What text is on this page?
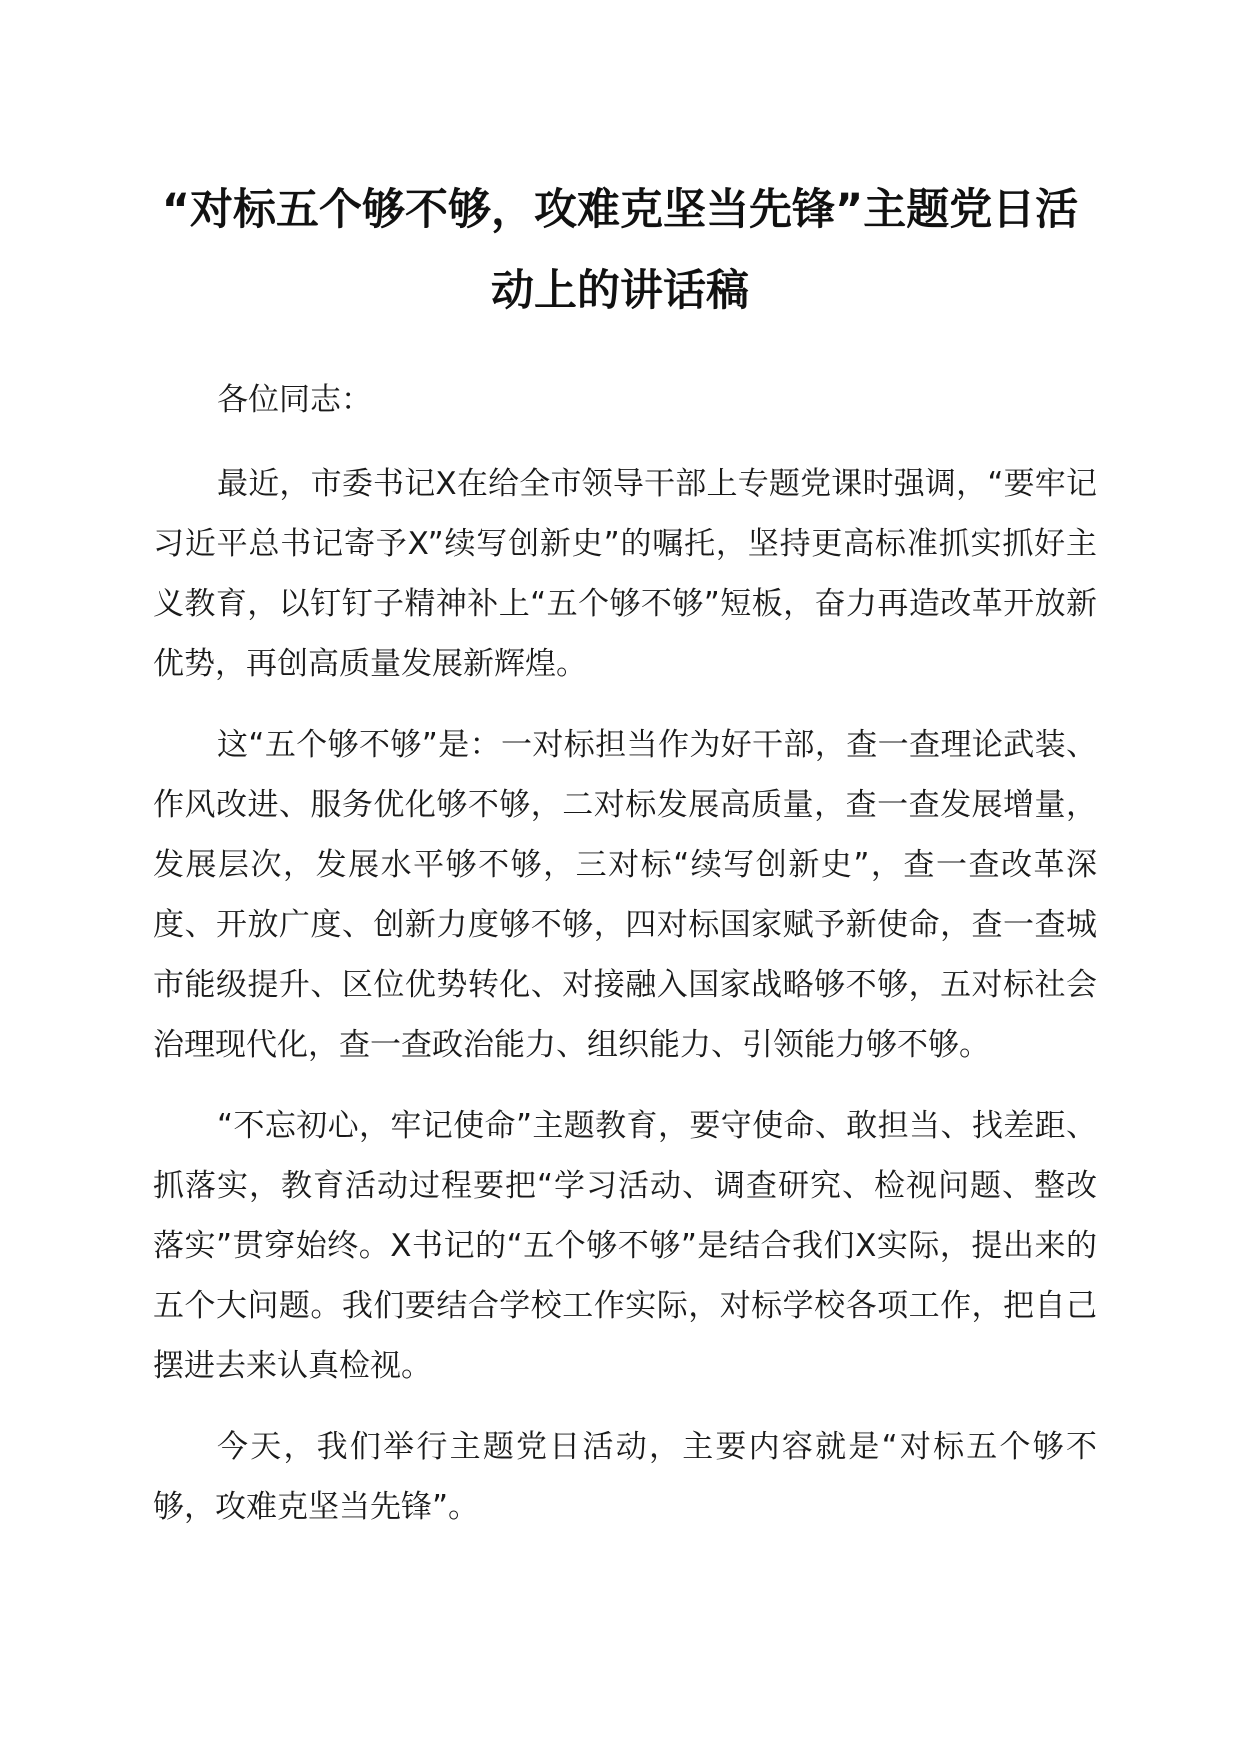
“对标五个够不够，攻难克坚当先锋”主题党日活动上的讲话稿

各位同志：

最近，市委书记X在给全市领导干部上专题党课时强调，“要牢记习近平总书记寄予X”续写创新史”的嘱托，坚持更高标准抓实抓好主义教育，以钉钉子精神补上“五个够不够”短板，奋力再造改革开放新优势，再创高质量发展新辉煌。

这“五个够不够”是：一对标担当作为好干部，查一查理论武装、作风改进、服务优化够不够，二对标发展高质量，查一查发展增量，发展层次，发展水平够不够，三对标“续写创新史”，查一查改革深度、开放广度、创新力度够不够，四对标国家赋予新使命，查一查城市能级提升、区位优势转化、对接融入国家战略够不够，五对标社会治理现代化，查一查政治能力、组织能力、引领能力够不够。

“不忘初心，牢记使命”主题教育，要守使命、敢担当、找差距、抓落实，教育活动过程要把“学习活动、调查研究、检视问题、整改落实”贯穿始终。X书记的“五个够不够”是结合我们X实际，提出来的五个大问题。我们要结合学校工作实际，对标学校各项工作，把自己摆进去来认真检视。

今天，我们举行主题党日活动，主要内容就是“对标五个够不够，攻难克坚当先锋”。
